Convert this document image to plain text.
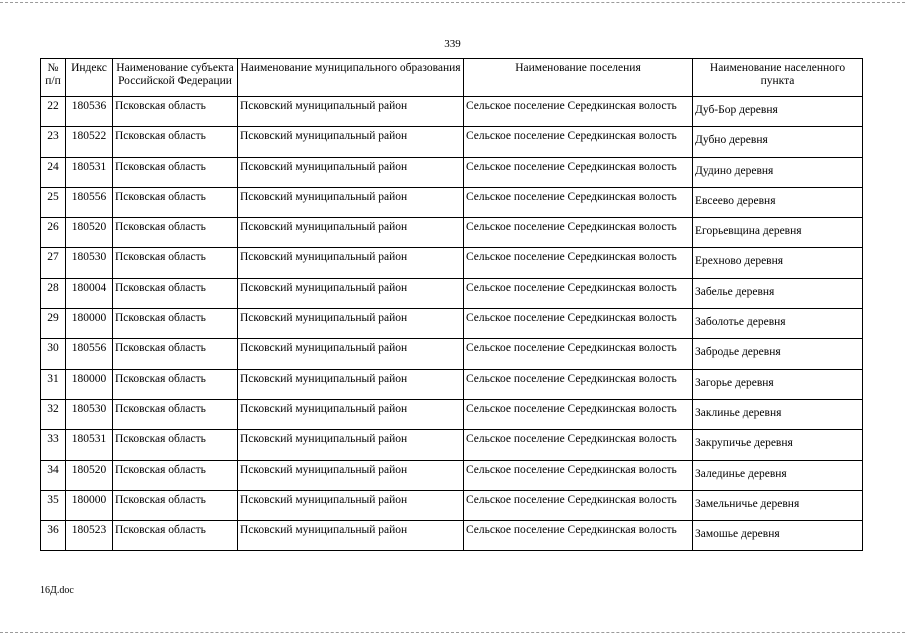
339
№ п/п	Индекс	Наименование субъекта Российской Федерации	Наименование муниципального образования	Наименование поселения	Наименование населенного пункта
22	180536	Псковская область	Псковский муниципальный район	Сельское поселение Середкинская волость	Дуб-Бор деревня
23	180522	Псковская область	Псковский муниципальный район	Сельское поселение Середкинская волость	Дубно деревня
24	180531	Псковская область	Псковский муниципальный район	Сельское поселение Середкинская волость	Дудино деревня
25	180556	Псковская область	Псковский муниципальный район	Сельское поселение Середкинская волость	Евсеево деревня
26	180520	Псковская область	Псковский муниципальный район	Сельское поселение Середкинская волость	Егорьевщина деревня
27	180530	Псковская область	Псковский муниципальный район	Сельское поселение Середкинская волость	Ерехново деревня
28	180004	Псковская область	Псковский муниципальный район	Сельское поселение Середкинская волость	Забелье деревня
29	180000	Псковская область	Псковский муниципальный район	Сельское поселение Середкинская волость	Заболотье деревня
30	180556	Псковская область	Псковский муниципальный район	Сельское поселение Середкинская волость	Забродье деревня
31	180000	Псковская область	Псковский муниципальный район	Сельское поселение Середкинская волость	Загорье деревня
32	180530	Псковская область	Псковский муниципальный район	Сельское поселение Середкинская волость	Заклинье деревня
33	180531	Псковская область	Псковский муниципальный район	Сельское поселение Середкинская волость	Закрупичье деревня
34	180520	Псковская область	Псковский муниципальный район	Сельское поселение Середкинская волость	Залединье деревня
35	180000	Псковская область	Псковский муниципальный район	Сельское поселение Середкинская волость	Замельничье деревня
36	180523	Псковская область	Псковский муниципальный район	Сельское поселение Середкинская волость	Замошье деревня
16Д.doc
